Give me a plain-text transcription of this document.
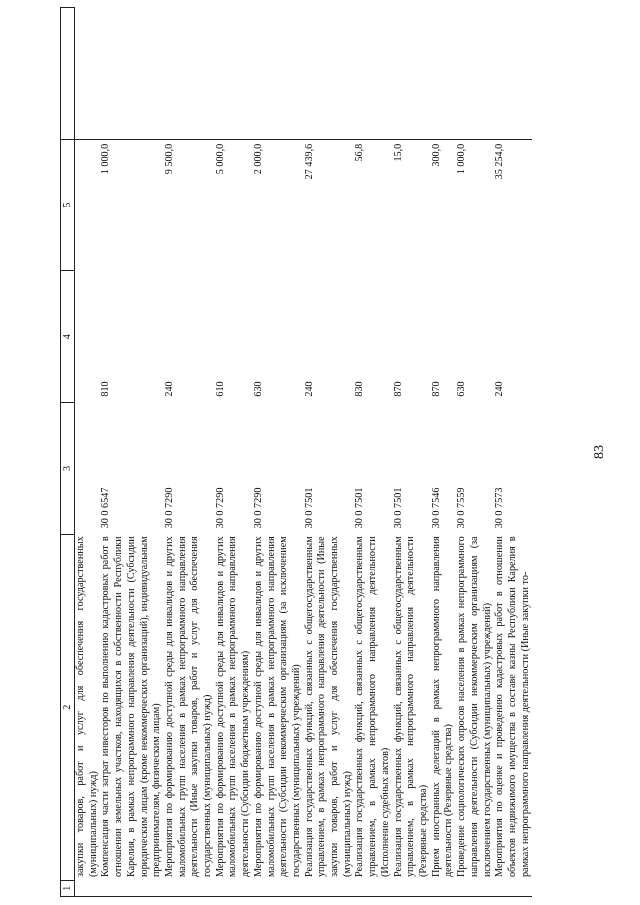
83
1	2	3	4	5	
	закупки товаров, работ и услуг для обеспечения государственных (муниципальных) нужд)				
	Компенсация части затрат инвесторов по выполнению кадастровых работ в отношении земельных участков, находящихся в собственности Республики Карелия, в рамках непрограммного направления деятельности (Субсидии юридическим лицам (кроме некоммерческих организаций), индивидуальным предпринимателям, физическим лицам)	30 0 6547	810	1 000,0	
	Мероприятия по формированию доступной среды для инвалидов и других маломобильных групп населения в рамках непрограммного направления деятельности (Иные закупки товаров, работ и услуг для обеспечения государственных (муниципальных) нужд)	30 0 7290	240	9 500,0	
	Мероприятия по формированию доступной среды для инвалидов и других маломобильных групп населения в рамках непрограммного направления деятельности (Субсидии бюджетным учреждениям)	30 0 7290	610	5 000,0	
	Мероприятия по формированию доступной среды для инвалидов и других маломобильных групп населения в рамках непрограммного направления деятельности (Субсидии некоммерческим организациям (за исключением государственных (муниципальных) учреждений)	30 0 7290	630	2 000,0	
	Реализация государственных функций, связанных с общегосударственным управлением, в рамках непрограммного направления деятельности (Иные закупки товаров, работ и услуг для обеспечения государственных (муниципальных) нужд)	30 0 7501	240	27 439,6	
	Реализация государственных функций, связанных с общегосударственным управлением, в рамках непрограммного направления деятельности (Исполнение судебных актов)	30 0 7501	830	56,8	
	Реализация государственных функций, связанных с общегосударственным управлением, в рамках непрограммного направления деятельности (Резервные средства)	30 0 7501	870	15,0	
	Прием иностранных делегаций в рамках непрограммного направления деятельности (Резервные средства)	30 0 7546	870	300,0	
	Проведение социологических опросов населения в рамках непрограммного направления деятельности (Субсидии некоммерческим организациям (за исключением государственных (муниципальных) учреждений)	30 0 7559	630	1 000,0	
	Мероприятия по оценке и проведению кадастровых работ в отношении объектов недвижимого имущества в составе казны Республики Карелия в рамках непрограммного направления деятельности (Иные закупки то-	30 0 7573	240	35 254,0	
